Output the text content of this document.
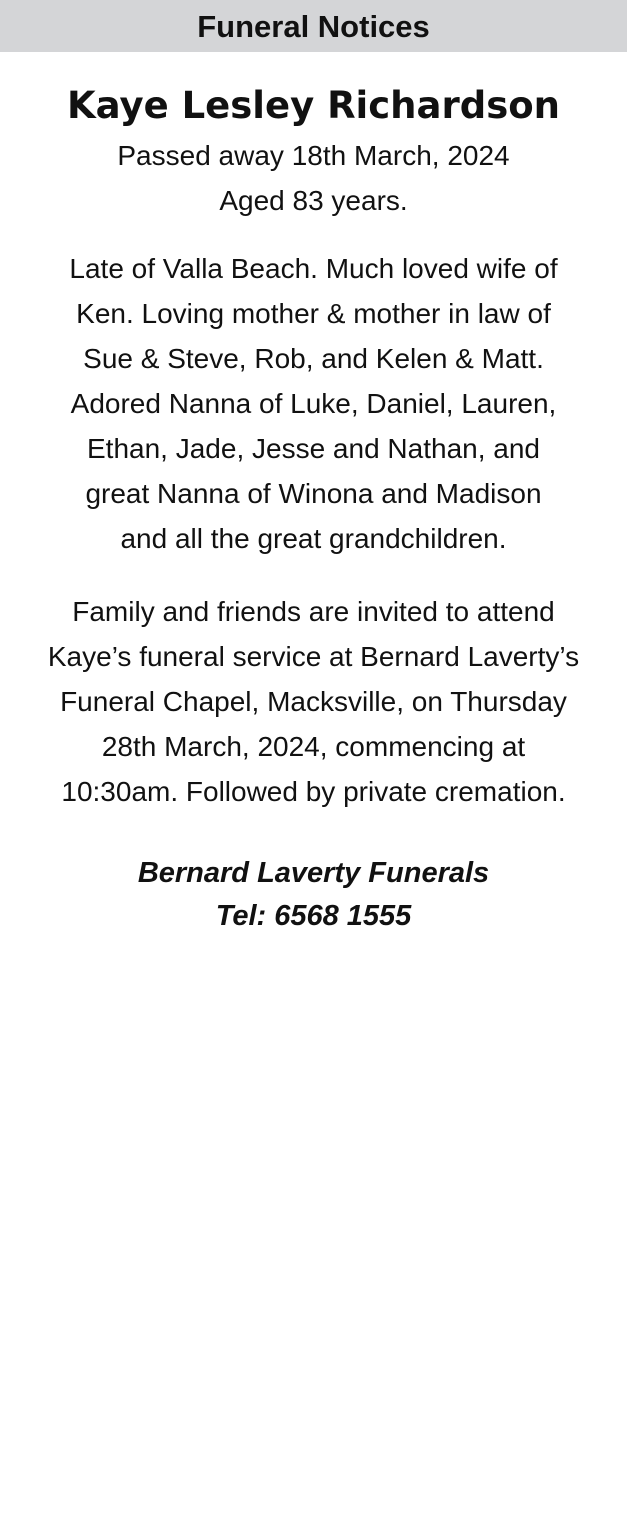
Funeral Notices
Kaye Lesley Richardson

Passed away 18th March, 2024

Aged 83 years.

Late of Valla Beach. Much loved wife of

Ken. Loving mother & mother in law of

Sue & Steve, Rob, and Kelen & Matt.

Adored Nanna of Luke, Daniel, Lauren,

Ethan, Jade, Jesse and Nathan, and

great Nanna of Winona and Madison

and all the great grandchildren.

Family and friends are invited to attend

Kaye’s funeral service at Bernard Laverty’s

Funeral Chapel, Macksville, on Thursday

28th March, 2024, commencing at

10:30am. Followed by private cremation.

Bernard Laverty Funerals

Tel: 6568 1555
